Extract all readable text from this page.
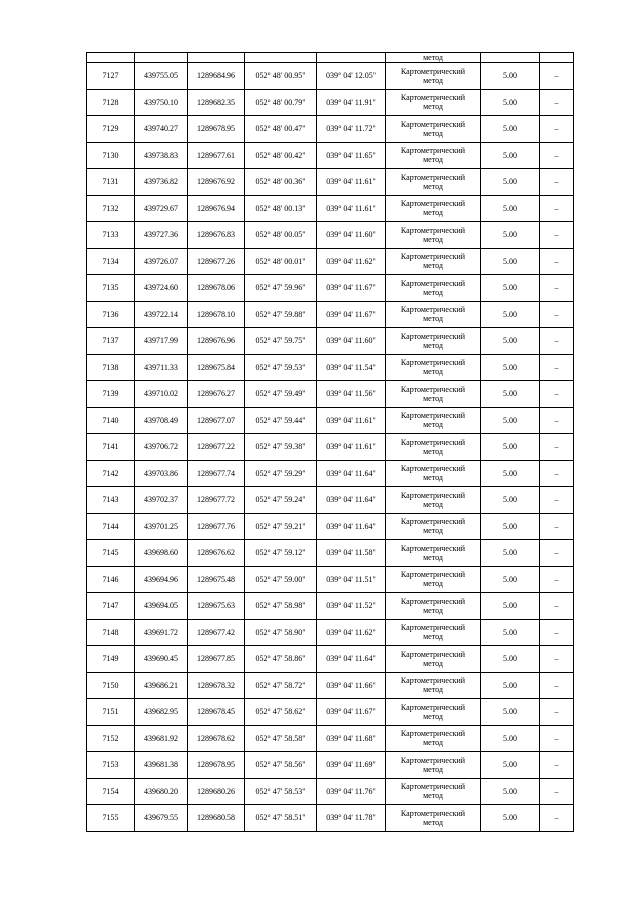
					метод		
7127	439755.05	1289684.96	052° 48' 00.95"	039° 04' 12.05"	Картометрический
метод	5.00	–
7128	439750.10	1289682.35	052° 48' 00.79"	039° 04' 11.91"	Картометрический
метод	5.00	–
7129	439740.27	1289678.95	052° 48' 00.47"	039° 04' 11.72"	Картометрический
метод	5.00	–
7130	439738.83	1289677.61	052° 48' 00.42"	039° 04' 11.65"	Картометрический
метод	5.00	–
7131	439736.82	1289676.92	052° 48' 00.36"	039° 04' 11.61"	Картометрический
метод	5.00	–
7132	439729.67	1289676.94	052° 48' 00.13"	039° 04' 11.61"	Картометрический
метод	5.00	–
7133	439727.36	1289676.83	052° 48' 00.05"	039° 04' 11.60"	Картометрический
метод	5.00	–
7134	439726.07	1289677.26	052° 48' 00.01"	039° 04' 11.62"	Картометрический
метод	5.00	–
7135	439724.60	1289678.06	052° 47' 59.96"	039° 04' 11.67"	Картометрический
метод	5.00	–
7136	439722.14	1289678.10	052° 47' 59.88"	039° 04' 11.67"	Картометрический
метод	5.00	–
7137	439717.99	1289676.96	052° 47' 59.75"	039° 04' 11.60"	Картометрический
метод	5.00	–
7138	439711.33	1289675.84	052° 47' 59.53"	039° 04' 11.54"	Картометрический
метод	5.00	–
7139	439710.02	1289676.27	052° 47' 59.49"	039° 04' 11.56"	Картометрический
метод	5.00	–
7140	439708.49	1289677.07	052° 47' 59.44"	039° 04' 11.61"	Картометрический
метод	5.00	–
7141	439706.72	1289677.22	052° 47' 59.38"	039° 04' 11.61"	Картометрический
метод	5.00	–
7142	439703.86	1289677.74	052° 47' 59.29"	039° 04' 11.64"	Картометрический
метод	5.00	–
7143	439702.37	1289677.72	052° 47' 59.24"	039° 04' 11.64"	Картометрический
метод	5.00	–
7144	439701.25	1289677.76	052° 47' 59.21"	039° 04' 11.64"	Картометрический
метод	5.00	–
7145	439698.60	1289676.62	052° 47' 59.12"	039° 04' 11.58"	Картометрический
метод	5.00	–
7146	439694.96	1289675.48	052° 47' 59.00"	039° 04' 11.51"	Картометрический
метод	5.00	–
7147	439694.05	1289675.63	052° 47' 58.98"	039° 04' 11.52"	Картометрический
метод	5.00	–
7148	439691.72	1289677.42	052° 47' 58.90"	039° 04' 11.62"	Картометрический
метод	5.00	–
7149	439690.45	1289677.85	052° 47' 58.86"	039° 04' 11.64"	Картометрический
метод	5.00	–
7150	439686.21	1289678.32	052° 47' 58.72"	039° 04' 11.66"	Картометрический
метод	5.00	–
7151	439682.95	1289678.45	052° 47' 58.62"	039° 04' 11.67"	Картометрический
метод	5.00	–
7152	439681.92	1289678.62	052° 47' 58.58"	039° 04' 11.68"	Картометрический
метод	5.00	–
7153	439681.38	1289678.95	052° 47' 58.56"	039° 04' 11.69"	Картометрический
метод	5.00	–
7154	439680.20	1289680.26	052° 47' 58.53"	039° 04' 11.76"	Картометрический
метод	5.00	–
7155	439679.55	1289680.58	052° 47' 58.51"	039° 04' 11.78"	Картометрический
метод	5.00	–
